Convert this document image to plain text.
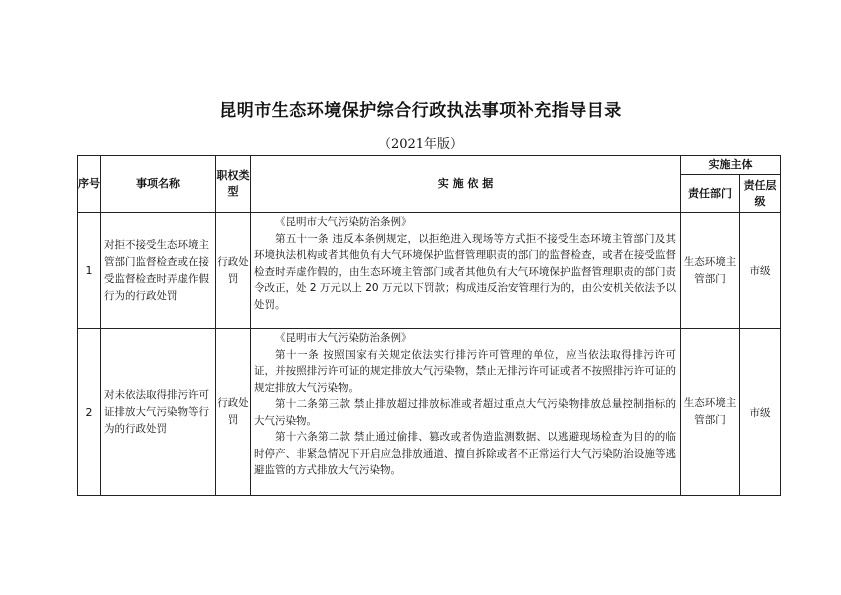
昆明市生态环境保护综合行政执法事项补充指导目录
（2021年版）
序号	事项名称	职权类型	实 施 依 据	实施主体	
				责任部门	责任层级
1	对拒不接受生态环境主管部门监督检查或在接受监督检查时弄虚作假行为的行政处罚	行政处罚	《昆明市大气污染防治条例》

第五十一条 违反本条例规定，以拒绝进入现场等方式拒不接受生态环境主管部门及其环境执法机构或者其他负有大气环境保护监督管理职责的部门的监督检查，或者在接受监督检查时弄虚作假的，由生态环境主管部门或者其他负有大气环境保护监督管理职责的部门责令改正，处 2 万元以上 20 万元以下罚款；构成违反治安管理行为的，由公安机关依法予以处罚。	生态环境主管部门	市级
2	对未依法取得排污许可证排放大气污染物等行为的行政处罚	行政处罚	《昆明市大气污染防治条例》

第十一条 按照国家有关规定依法实行排污许可管理的单位，应当依法取得排污许可证，并按照排污许可证的规定排放大气污染物，禁止无排污许可证或者不按照排污许可证的规定排放大气污染物。

第十二条第三款 禁止排放超过排放标准或者超过重点大气污染物排放总量控制指标的大气污染物。

第十六条第二款 禁止通过偷排、篡改或者伪造监测数据、以逃避现场检查为目的的临时停产、非紧急情况下开启应急排放通道、擅自拆除或者不正常运行大气污染防治设施等逃避监管的方式排放大气污染物。	生态环境主管部门	市级
